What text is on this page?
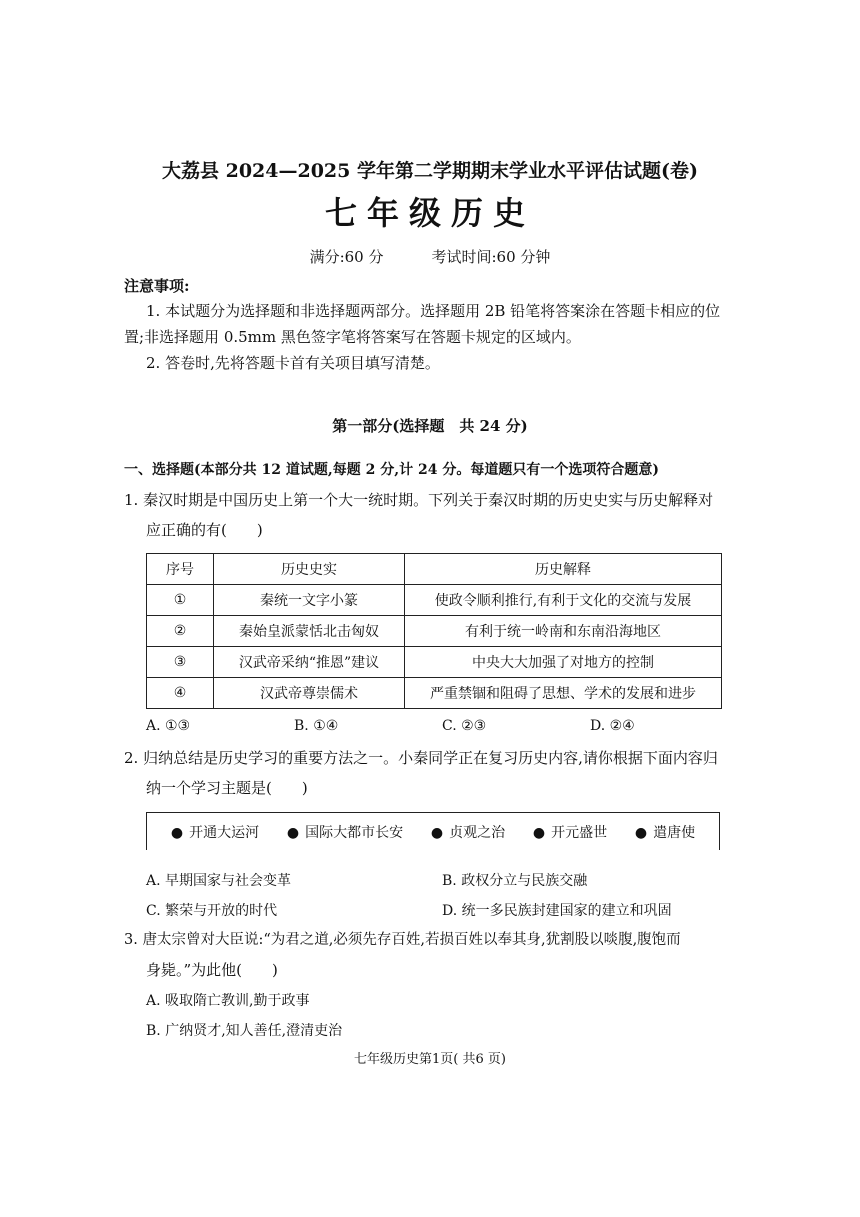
大荔县 2024—2025 学年第二学期期末学业水平评估试题(卷)
七年级历史
满分:60 分	考试时间:60 分钟
注意事项:
1. 本试题分为选择题和非选择题两部分。选择题用 2B 铅笔将答案涂在答题卡相应的位
置;非选择题用 0.5mm 黑色签字笔将答案写在答题卡规定的区域内。
2. 答卷时,先将答题卡首有关项目填写清楚。
第一部分(选择题　共 24 分)
一、选择题(本部分共 12 道试题,每题 2 分,计 24 分。每道题只有一个选项符合题意)
1. 秦汉时期是中国历史上第一个大一统时期。下列关于秦汉时期的历史史实与历史解释对
应正确的有(　　)
序号	历史史实	历史解释
①	秦统一文字小篆	使政令顺利推行,有利于文化的交流与发展
②	秦始皇派蒙恬北击匈奴	有利于统一岭南和东南沿海地区
③	汉武帝采纳“推恩”建议	中央大大加强了对地方的控制
④	汉武帝尊崇儒术	严重禁锢和阻碍了思想、学术的发展和进步
A. ①③	B. ①④	C. ②③	D. ②④
2. 归纳总结是历史学习的重要方法之一。小秦同学正在复习历史内容,请你根据下面内容归
纳一个学习主题是(　　)
● 开通大运河 ● 国际大都市长安 ● 贞观之治 ● 开元盛世 ● 遣唐使
A. 早期国家与社会变革	B. 政权分立与民族交融
C. 繁荣与开放的时代	D. 统一多民族封建国家的建立和巩固
3. 唐太宗曾对大臣说:“为君之道,必须先存百姓,若损百姓以奉其身,犹割股以啖腹,腹饱而
身毙。”为此他(　　)
A. 吸取隋亡教训,勤于政事
B. 广纳贤才,知人善任,澄清吏治
七年级历史第1页( 共6 页)
